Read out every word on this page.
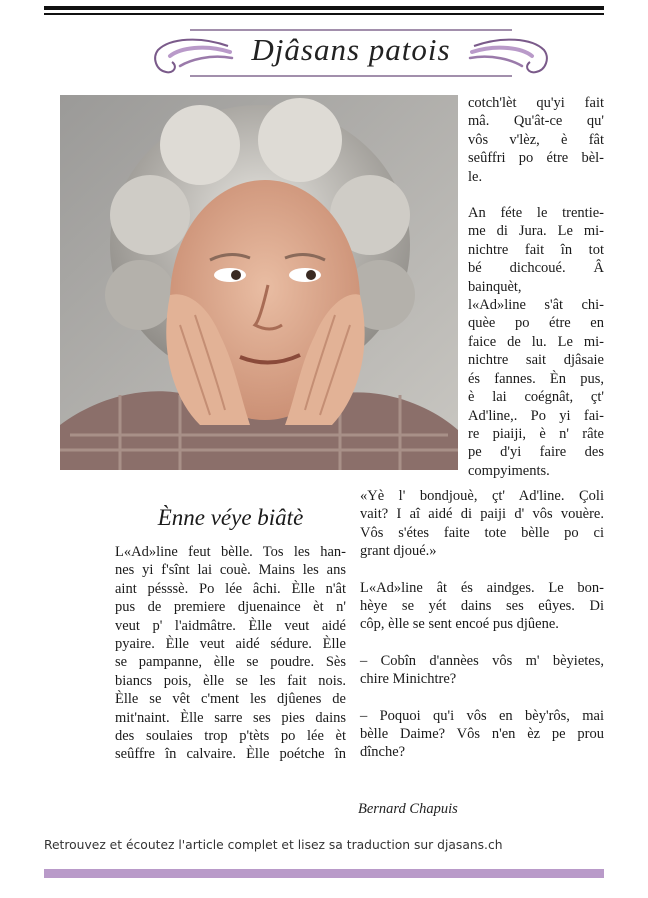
Djâsans patois

cotch'lèt qu'yi fait

mâ. Qu'ât-ce qu'

vôs v'lèz, è fât

seûffri po étre bèl-

le.

An féte le trentie-

me di Jura. Le mi-

nichtre fait în tot

bé dichcoué. Â

bainquèt,

l«Ad»line s'ât chi-

quèe po étre en

faice de lu. Le mi-

nichtre sait djâsaie

és fannes. Èn pus,

è lai coégnât, çt'

Ad'line,. Po yi fai-

re piaiji, è n' râte

pe d'yi faire des

compyiments.

«Yè l' bondjouè, çt' Ad'line. Çoli

vait? I aî aidé di paiji d' vôs vouère.

Vôs s'étes faite tote bèlle po ci

grant djoué.»

L«Ad»line ât és aindges. Le bon-

hèye se yét dains ses eûyes. Di

côp, èlle se sent encoé pus djûene.

– Cobîn d'annèes vôs m' bèyietes,

chire Minichtre?

– Poquoi qu'i vôs en bèy'rôs, mai

bèlle Daime? Vôs n'en èz pe prou

dînche?

Ènne véye biâtè

L«Ad»line feut bèlle. Tos les han-

nes yi f'sînt lai couè. Mains les ans

aint pésssè. Po lée âchi. Èlle n'ât

pus de premiere djuenaince èt n'

veut p' l'aidmâtre. Èlle veut aidé

pyaire. Èlle veut aidé sédure. Èlle

se pampanne, èlle se poudre. Sès

biancs pois, èlle se les fait nois.

Èlle se vêt c'ment les djûenes de

mit'naint. Èlle sarre ses pies dains

des soulaies trop p'tèts po lée èt

seûffre în calvaire. Èlle poétche în

Bernard Chapuis
Retrouvez et écoutez l'article complet et lisez sa traduction sur djasans.ch
